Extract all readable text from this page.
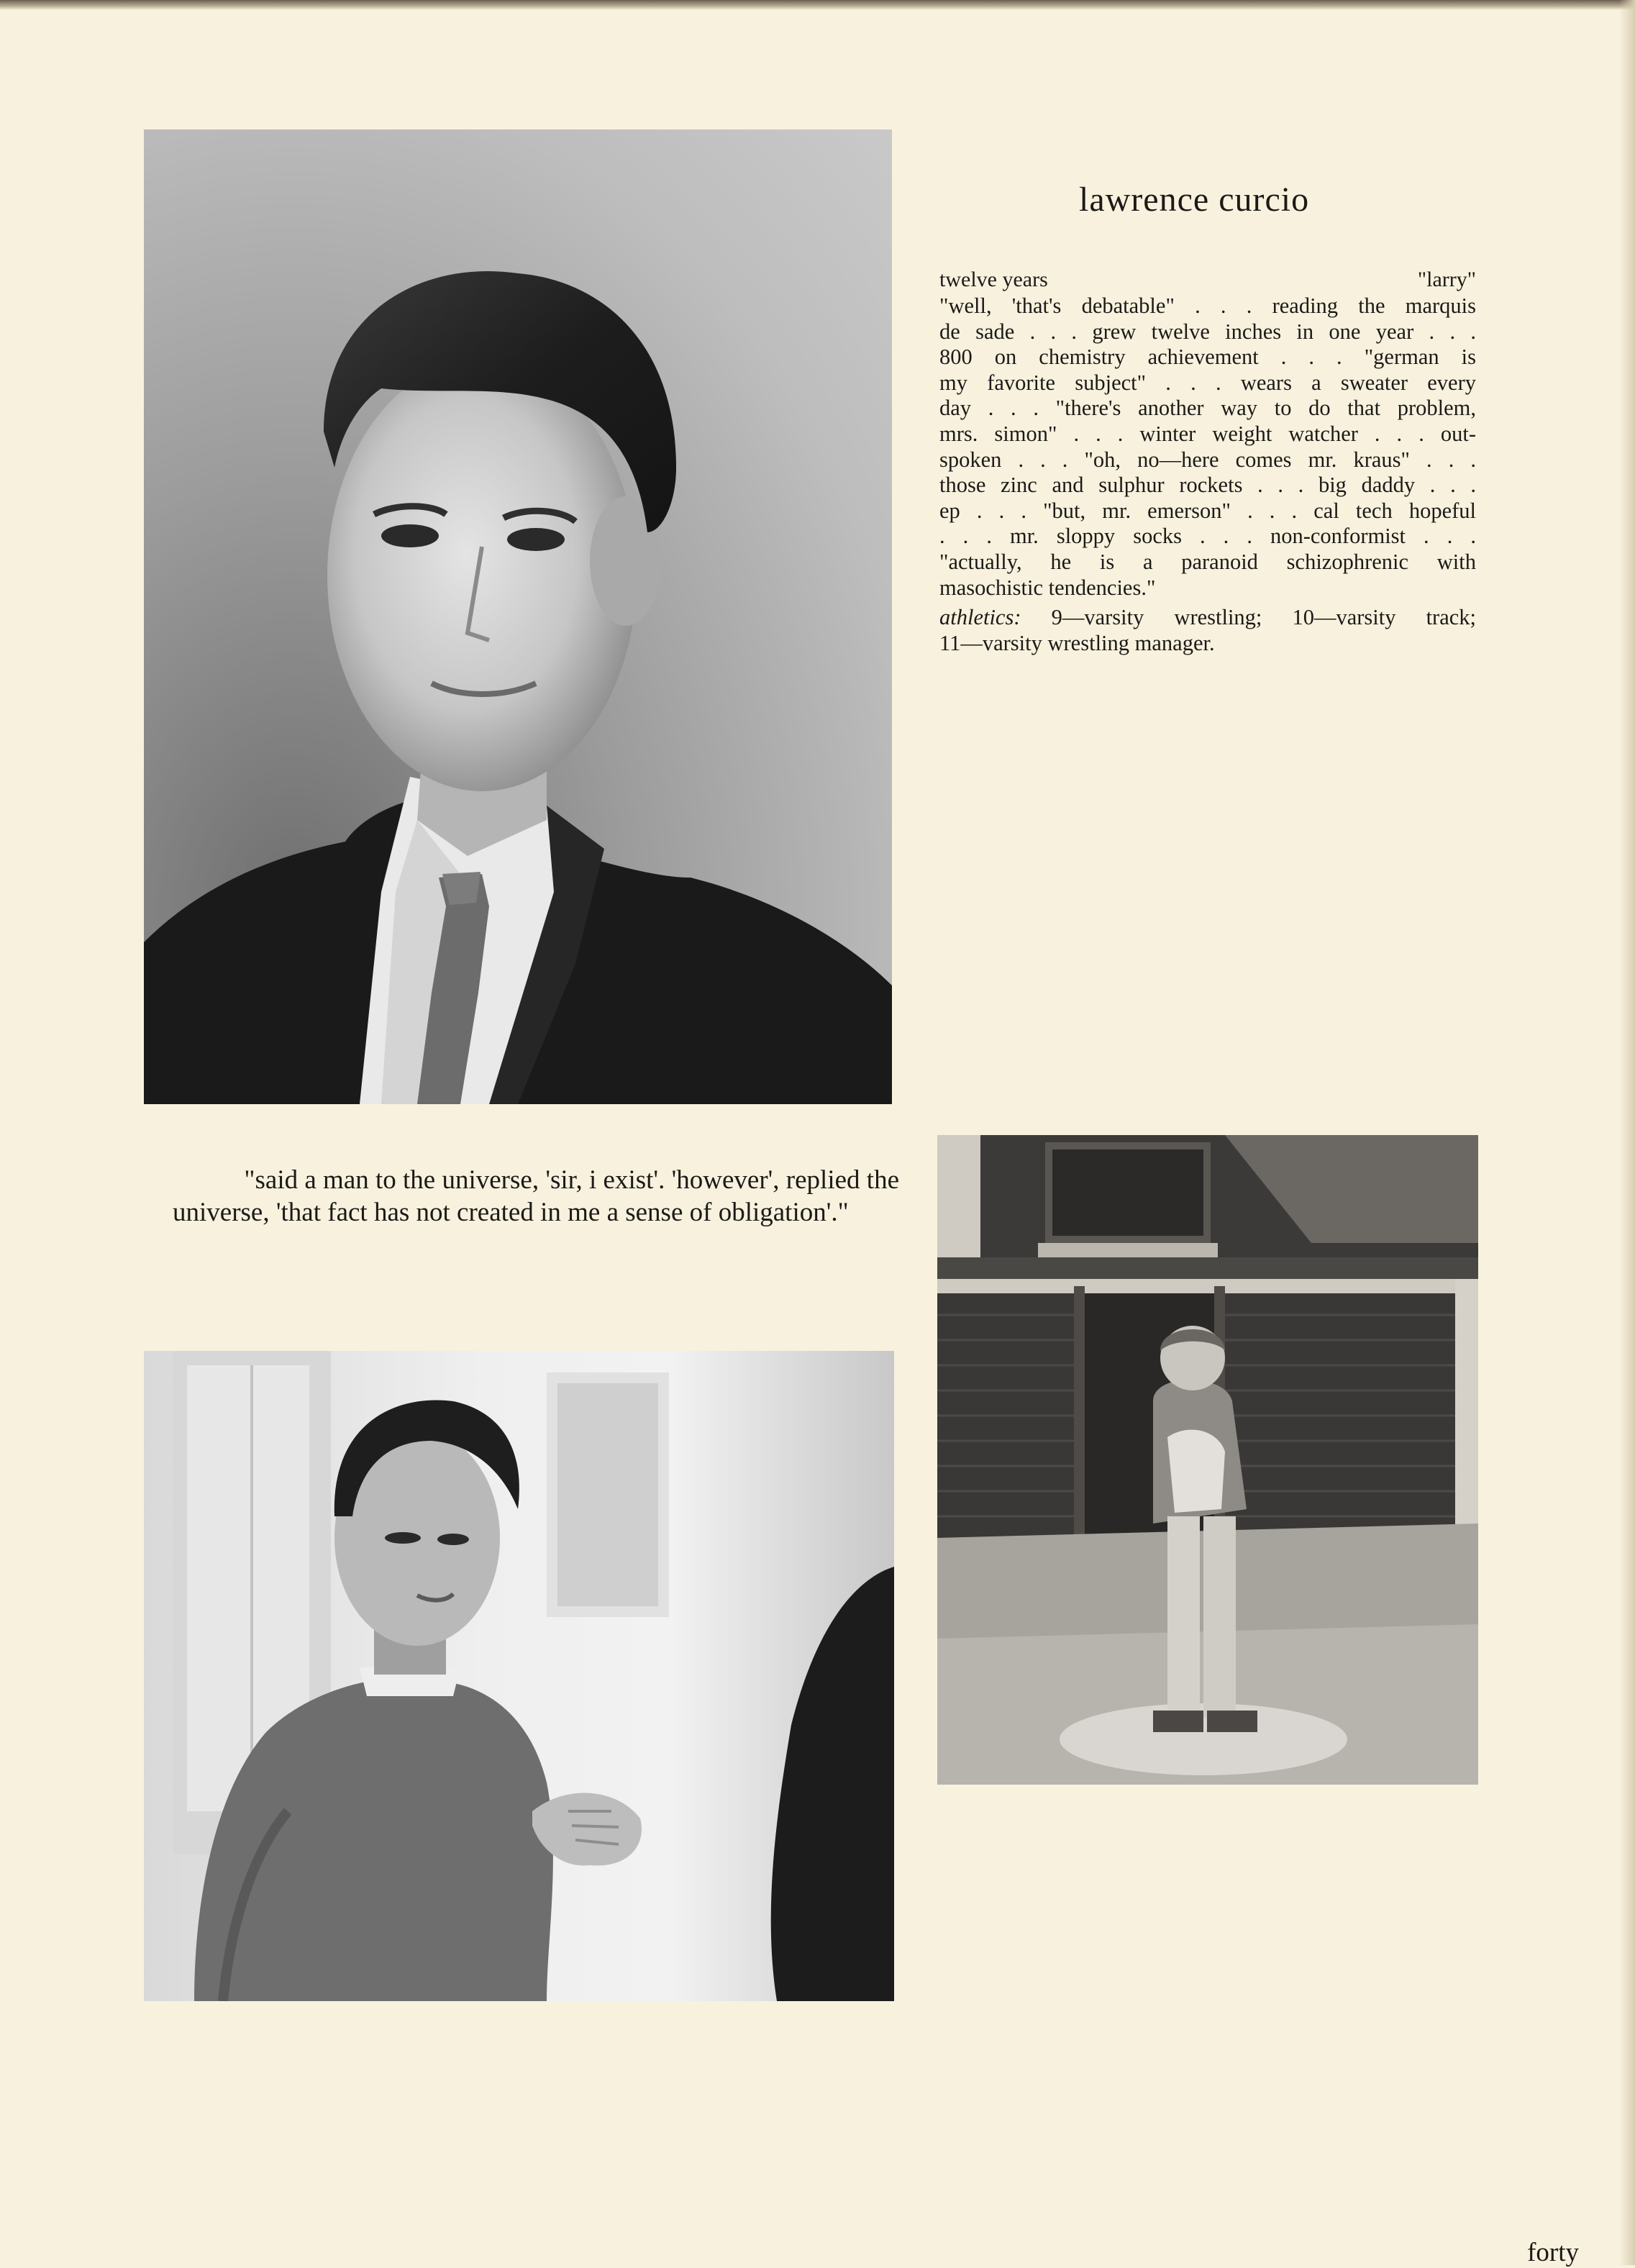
lawrence curcio
twelve years	"larry"
"well, 'that's debatable" . . . reading the marquis
de sade . . . grew twelve inches in one year . . .
800 on chemistry achievement . . . "german is
my favorite subject" . . . wears a sweater every
day . . . "there's another way to do that problem,
mrs. simon" . . . winter weight watcher . . . out-
spoken . . . "oh, no—here comes mr. kraus" . . .
those zinc and sulphur rockets . . . big daddy . . .
ep . . . "but, mr. emerson" . . . cal tech hopeful
. . . mr. sloppy socks . . . non-conformist . . .
"actually, he is a paranoid schizophrenic with
masochistic tendencies."
athletics: 9—varsity wrestling; 10—varsity track;
11—varsity wrestling manager.
"said a man to the universe, 'sir, i exist'. 'however', replied the
universe, 'that fact has not created in me a sense of obligation'."
forty
